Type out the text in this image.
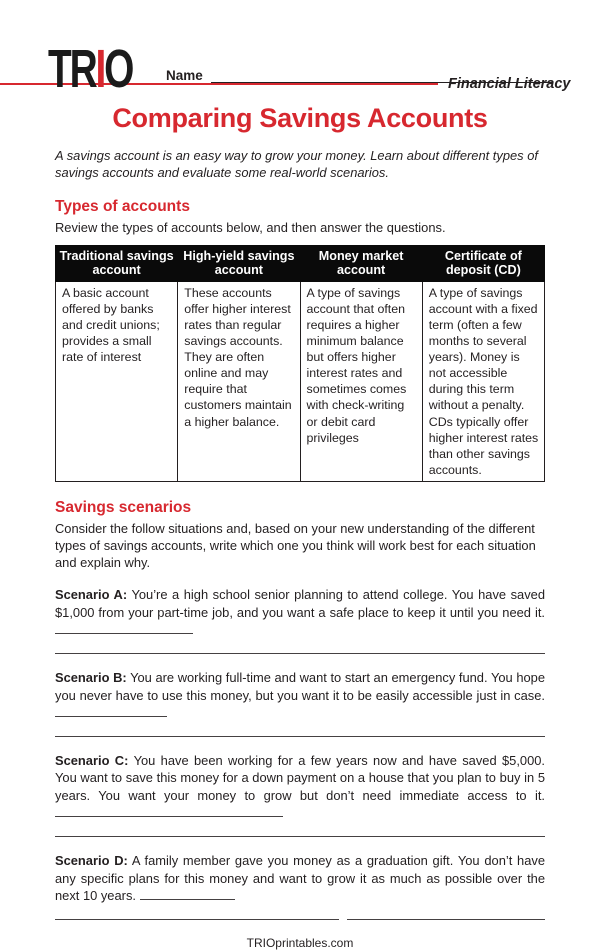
Financial Literacy
TRIO Name
Comparing Savings Accounts

A savings account is an easy way to grow your money. Learn about different types of savings accounts and evaluate some real-world scenarios.

Types of accounts

Review the types of accounts below, and then answer the questions.

Traditional savings account	High-yield savings account	Money market account	Certificate of deposit (CD)
A basic account offered by banks and credit unions; provides a small rate of interest	These accounts offer higher interest rates than regular savings accounts. They are often online and may require that customers maintain a higher balance.	A type of savings account that often requires a higher minimum balance but offers higher interest rates and sometimes comes with check-writing or debit card privileges	A type of savings account with a fixed term (often a few months to several years). Money is not accessible during this term without a penalty. CDs typically offer higher interest rates than other savings accounts.
Savings scenarios

Consider the follow situations and, based on your new understanding of the different types of savings accounts, write which one you think will work best for each situation and explain why.

Scenario A: You’re a high school senior planning to attend college. You have saved $1,000 from your part-time job, and you want a safe place to keep it until you need it.

Scenario B: You are working full-time and want to start an emergency fund. You hope you never have to use this money, but you want it to be easily accessible just in case.

Scenario C: You have been working for a few years now and have saved $5,000. You want to save this money for a down payment on a house that you plan to buy in 5 years. You want your money to grow but don’t need immediate access to it.

Scenario D: A family member gave you money as a graduation gift. You don’t have any specific plans for this money and want to grow it as much as possible over the next 10 years.

TRIOprintables.com
